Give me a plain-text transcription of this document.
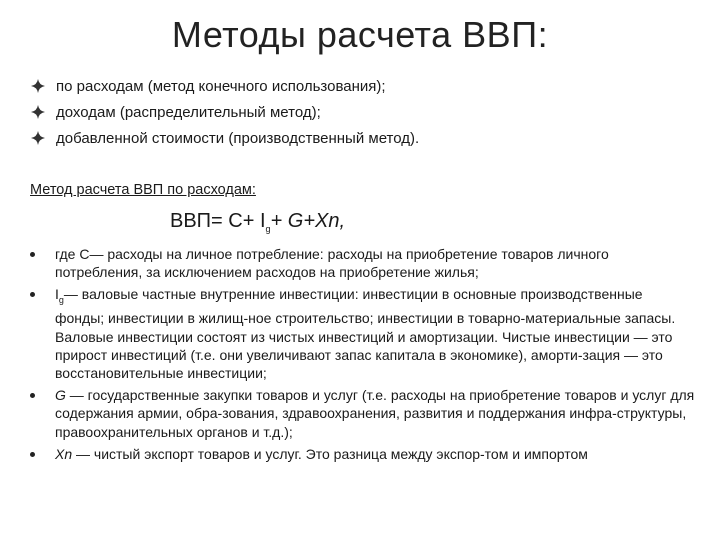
Методы расчета ВВП:
по расходам (метод конечного использования);
доходам (распределительный метод);
добавленной стоимости (производственный метод).
Метод расчета ВВП по расходам:
$ВВП= С+ I_g+ G+Xn$,
где С— расходы на личное потребление: расходы на приобретение товаров личного потребления, за исключением расходов на приобретение жилья;
$I_g—$ валовые частные внутренние инвестиции: инвестиции в основные производственные фонды; инвестиции в жилищ-ное строительство; инвестиции в товарно-материальные запасы. Валовые инвестиции состоят из чистых инвестиций и амортизации. Чистые инвестиции — это прирост инвестиций (т.е. они увеличивают запас капитала в экономике), аморти-зация — это восстановительные инвестиции;
G — государственные закупки товаров и услуг (т.е. расходы на приобретение товаров и услуг для содержания армии, обра-зования, здравоохранения, развития и поддержания инфра-структуры, правоохранительных органов и т.д.);
Xn — чистый экспорт товаров и услуг. Это разница между экспор-том и импортом
